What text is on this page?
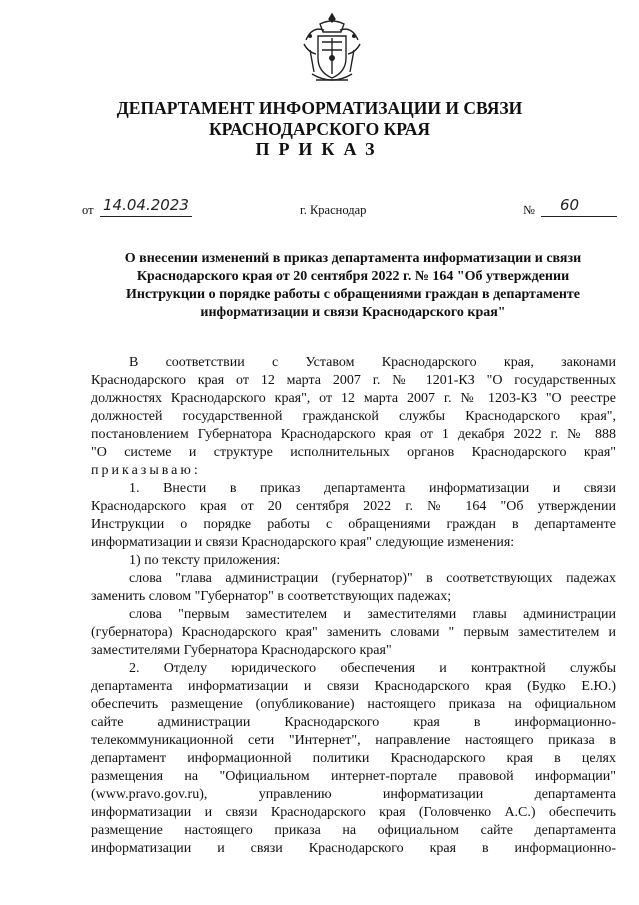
ДЕПАРТАМЕНТ ИНФОРМАТИЗАЦИИ И СВЯЗИ
КРАСНОДАРСКОГО КРАЯ
ПРИКАЗ
от 14.04.2023	г. Краснодар	№ 60
О внесении изменений в приказ департамента информатизации и связи
Краснодарского края от 20 сентября 2022 г. № 164 "Об утверждении
Инструкции о порядке работы с обращениями граждан в департаменте
информатизации и связи Краснодарского края"
В соответствии с Уставом Краснодарского края, законами
Краснодарского края от 12 марта 2007 г. № 1201-КЗ "О государственных
должностях Краснодарского края", от 12 марта 2007 г. № 1203-КЗ "О реестре
должностей государственной гражданской службы Краснодарского края",
постановлением Губернатора Краснодарского края от 1 декабря 2022 г. № 888
"О системе и структуре исполнительных органов Краснодарского края"
приказываю:
1. Внести в приказ департамента информатизации и связи
Краснодарского края от 20 сентября 2022 г. № 164 "Об утверждении
Инструкции о порядке работы с обращениями граждан в департаменте
информатизации и связи Краснодарского края" следующие изменения:
1) по тексту приложения:
слова "глава администрации (губернатор)" в соответствующих падежах
заменить словом "Губернатор" в соответствующих падежах;
слова "первым заместителем и заместителями главы администрации
(губернатора) Краснодарского края" заменить словами " первым заместителем и
заместителями Губернатора Краснодарского края"
2. Отделу юридического обеспечения и контрактной службы
департамента информатизации и связи Краснодарского края (Будко Е.Ю.)
обеспечить размещение (опубликование) настоящего приказа на официальном
сайте администрации Краснодарского края в информационно-
телекоммуникационной сети "Интернет", направление настоящего приказа в
департамент информационной политики Краснодарского края в целях
размещения на "Официальном интернет-портале правовой информации"
(www.pravo.gov.ru), управлению информатизации департамента
информатизации и связи Краснодарского края (Головченко А.С.) обеспечить
размещение настоящего приказа на официальном сайте департамента
информатизации и связи Краснодарского края в информационно-
